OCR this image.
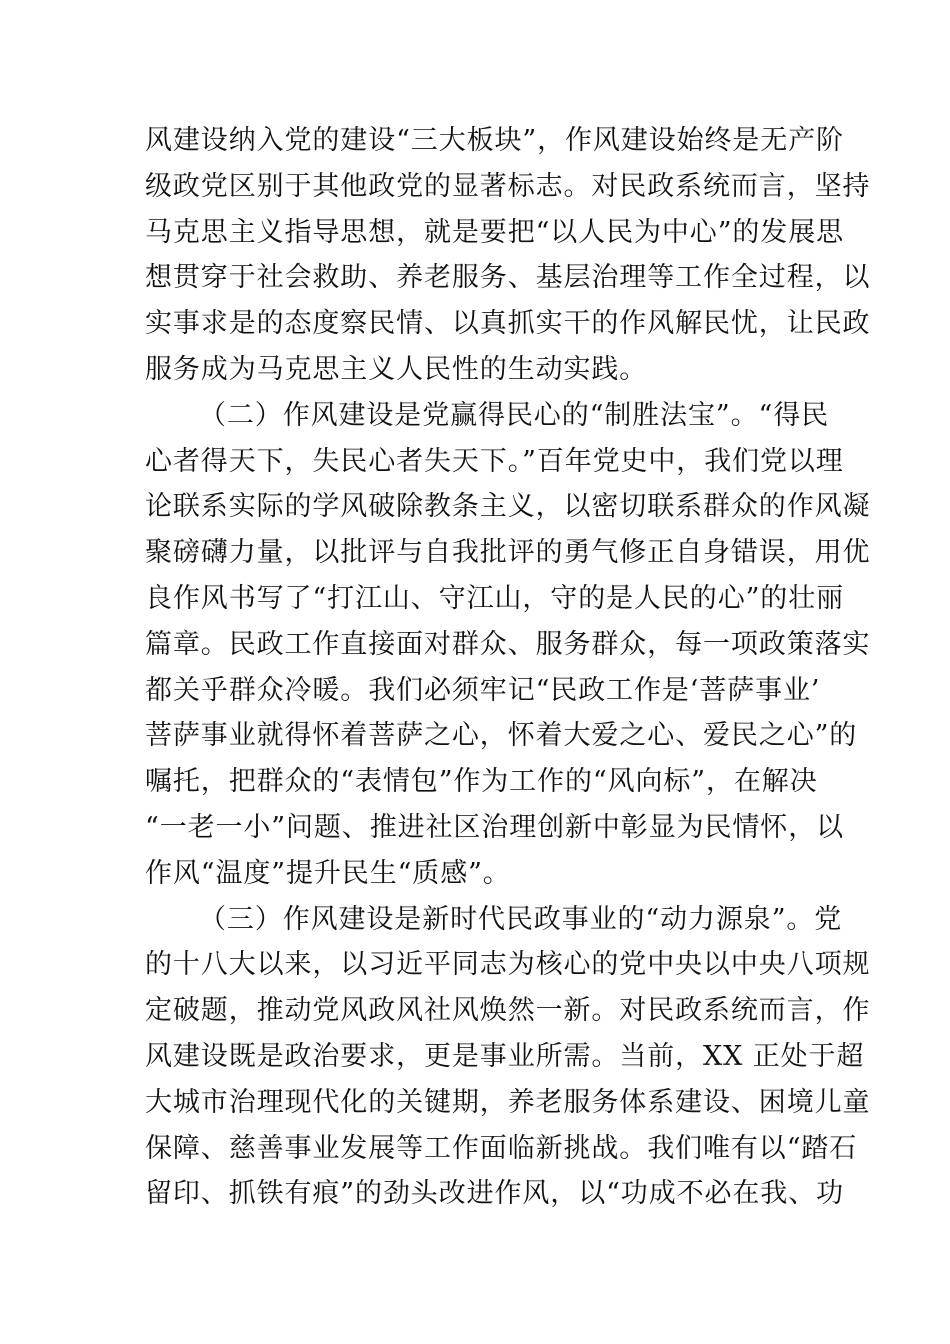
风建设纳入党的建设“三大板块”，作风建设始终是无产阶
级政党区别于其他政党的显著标志。对民政系统而言，坚持
马克思主义指导思想，就是要把“以人民为中心”的发展思
想贯穿于社会救助、养老服务、基层治理等工作全过程，以
实事求是的态度察民情、以真抓实干的作风解民忧，让民政
服务成为马克思主义人民性的生动实践。
（二）作风建设是党赢得民心的“制胜法宝”。“得民
心者得天下，失民心者失天下。”百年党史中，我们党以理
论联系实际的学风破除教条主义，以密切联系群众的作风凝
聚磅礴力量，以批评与自我批评的勇气修正自身错误，用优
良作风书写了“打江山、守江山，守的是人民的心”的壮丽
篇章。民政工作直接面对群众、服务群众，每一项政策落实
都关乎群众冷暖。我们必须牢记“民政工作是‘菩萨事业’
菩萨事业就得怀着菩萨之心，怀着大爱之心、爱民之心”的
嘱托，把群众的“表情包”作为工作的“风向标”，在解决
“一老一小”问题、推进社区治理创新中彰显为民情怀，以
作风“温度”提升民生“质感”。
（三）作风建设是新时代民政事业的“动力源泉”。党
的十八大以来，以习近平同志为核心的党中央以中央八项规
定破题，推动党风政风社风焕然一新。对民政系统而言，作
风建设既是政治要求，更是事业所需。当前，XX 正处于超
大城市治理现代化的关键期，养老服务体系建设、困境儿童
保障、慈善事业发展等工作面临新挑战。我们唯有以“踏石
留印、抓铁有痕”的劲头改进作风，以“功成不必在我、功
